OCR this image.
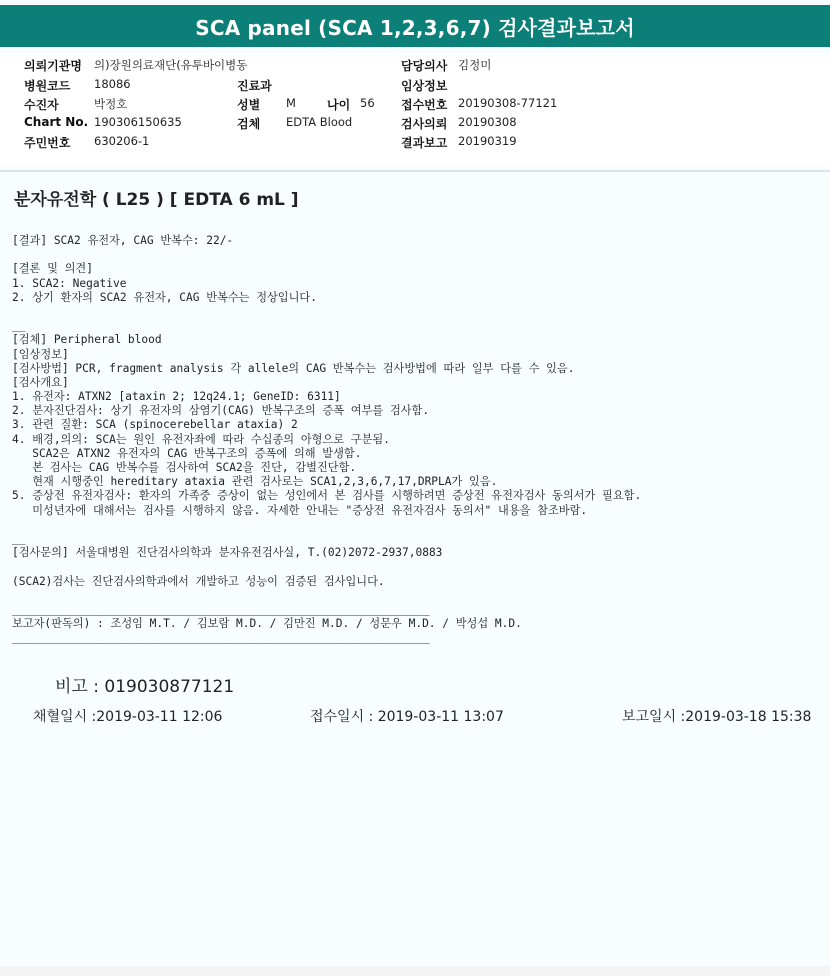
SCA panel (SCA 1,2,3,6,7) 검사결과보고서
의뢰기관명 의)장원의료재단(유투바이병동	담당의사 김정미
병원코드 18086	진료과	임상정보
수진자	박정호	성별 M	나이 56 접수번호 20190308-77121
Chart No. 190306150635	검체 EDTA Blood	검사의뢰 20190308
주민번호 630206-1	결과보고 20190319
분자유전학 ( L25 ) [ EDTA 6 mL ]
[결과] SCA2 유전자, CAG 반복수: 22/-
[결론 및 의견]
1. SCA2: Negative
2. 상기 환자의 SCA2 유전자, CAG 반복수는 정상입니다.
__
[검체] Peripheral blood
[임상정보]
[검사방법] PCR, fragment analysis 각 allele의 CAG 반복수는 검사방법에 따라 일부 다를 수 있음.
[검사개요]
1. 유전자: ATXN2 [ataxin 2; 12q24.1; GeneID: 6311]
2. 분자진단검사: 상기 유전자의 삼염기(CAG) 반복구조의 증폭 여부를 검사함.
3. 관련 질환: SCA (spinocerebellar ataxia) 2
4. 배경,의의: SCA는 원인 유전자좌에 따라 수십종의 아형으로 구분됨.
SCA2은 ATXN2 유전자의 CAG 반복구조의 증폭에 의해 발생함.
본 검사는 CAG 반복수를 검사하여 SCA2을 진단, 감별진단함.
현재 시행중인 hereditary ataxia 관련 검사로는 SCA1,2,3,6,7,17,DRPLA가 있음.
5. 증상전 유전자검사: 환자의 가족중 증상이 없는 성인에서 본 검사를 시행하려면 증상전 유전자검사 동의서가 필요함.
미성년자에 대해서는 검사를 시행하지 않음. 자세한 안내는 "증상전 유전자검사 동의서" 내용을 참조바람.
__
[검사문의] 서울대병원 진단검사의학과 분자유전검사실, T.(02)2072-2937,0883
(SCA2)검사는 진단검사의학과에서 개발하고 성능이 검증된 검사입니다.
______________________________________________________________
보고자(판독의) : 조성임 M.T. / 김보람 M.D. / 김만진 M.D. / 성문우 M.D. / 박성섭 M.D.
______________________________________________________________
비고 : 019030877121
채혈일시 :2019-03-11 12:06	접수일시 : 2019-03-11 13:07	보고일시 :2019-03-18 15:38
